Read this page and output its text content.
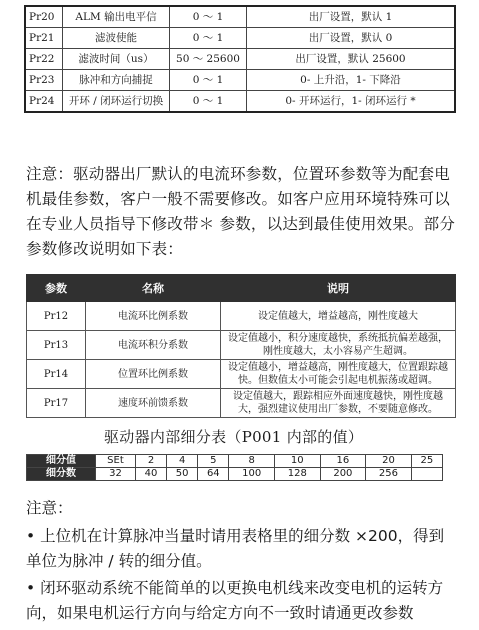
Pr20	ALM 输出电平信	0 ～ 1	出厂设置，默认 1
Pr21	滤波使能	0 ～ 1	出厂设置，默认 0
Pr22	滤波时间（us）	50 ～ 25600	出厂设置，默认 25600
Pr23	脉冲和方向捕捉	0 ～ 1	0- 上升沿，1- 下降沿
Pr24	开环 / 闭环运行切换	0 ～ 1	0- 开环运行，1- 闭环运行 *

注意：驱动器出厂默认的电流环参数，位置环参数等为配套电机最佳参数，客户一般不需要修改。如客户应用环境特殊可以在专业人员指导下修改带＊ 参数，以达到最佳使用效果。部分参数修改说明如下表：

参数	名称	说明
Pr12	电流环比例系数	设定值越大，增益越高，刚性度越大
Pr13	电流环积分系数	设定值越小，积分速度越快，系统抵抗偏差越强，刚性度越大，太小容易产生超调。
Pr14	位置环比例系数	设定值越小，增益越高，刚性度越大，位置跟踪越快。但数值太小可能会引起电机振荡或超调。
Pr17	速度环前馈系数	设定值越大，跟踪相应外面速度越快，刚性度越大，强烈建议使用出厂参数，不要随意修改。

驱动器内部细分表（P001 内部的值）

细分值	SEt	2	4	5	8	10	16	20	25
细分数	32	40	50	64	100	128	200	256	

注意：

• 上位机在计算脉冲当量时请用表格里的细分数 ×200，得到单位为脉冲 / 转的细分值。

• 闭环驱动系统不能简单的以更换电机线来改变电机的运转方向，如果电机运行方向与给定方向不一致时请通更改参数
